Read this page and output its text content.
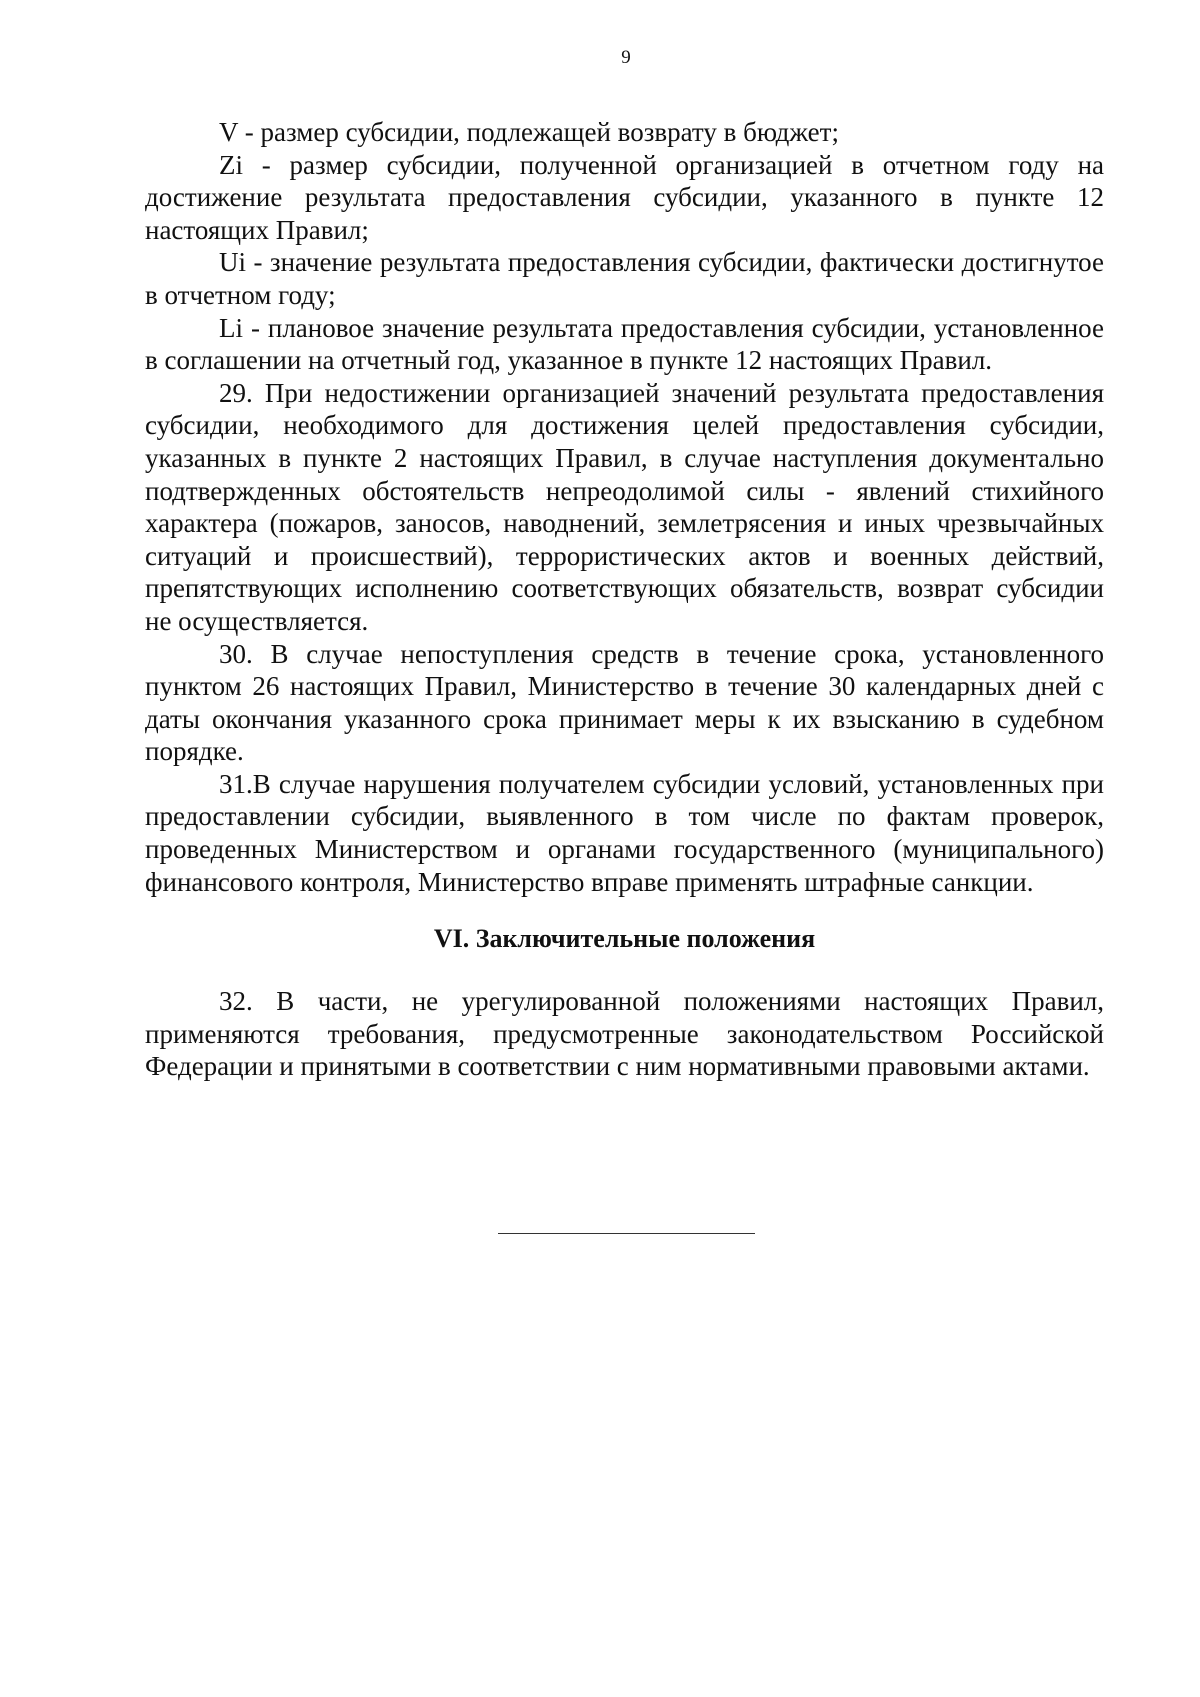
9

V - размер субсидии, подлежащей возврату в бюджет;

Zi - размер субсидии, полученной организацией в отчетном году на достижение результата предоставления субсидии, указанного в пункте 12 настоящих Правил;

Ui - значение результата предоставления субсидии, фактически достигнутое в отчетном году;

Li - плановое значение результата предоставления субсидии, установленное в соглашении на отчетный год, указанное в пункте 12 настоящих Правил.

29. При недостижении организацией значений результата предоставления субсидии, необходимого для достижения целей предоставления субсидии, указанных в пункте 2 настоящих Правил, в случае наступления документально подтвержденных обстоятельств непреодолимой силы - явлений стихийного характера (пожаров, заносов, наводнений, землетрясения и иных чрезвычайных ситуаций и происшествий), террористических актов и военных действий, препятствующих исполнению соответствующих обязательств, возврат субсидии не осуществляется.

30. В случае непоступления средств в течение срока, установленного пунктом 26 настоящих Правил, Министерство в течение 30 календарных дней с даты окончания указанного срока принимает меры к их взысканию в судебном порядке.

31.В случае нарушения получателем субсидии условий, установленных при предоставлении субсидии, выявленного в том числе по фактам проверок, проведенных Министерством и органами государственного (муниципального) финансового контроля, Министерство вправе применять штрафные санкции.

VI. Заключительные положения

32. В части, не урегулированной положениями настоящих Правил, применяются требования, предусмотренные законодательством Российской Федерации и принятыми в соответствии с ним нормативными правовыми актами.
